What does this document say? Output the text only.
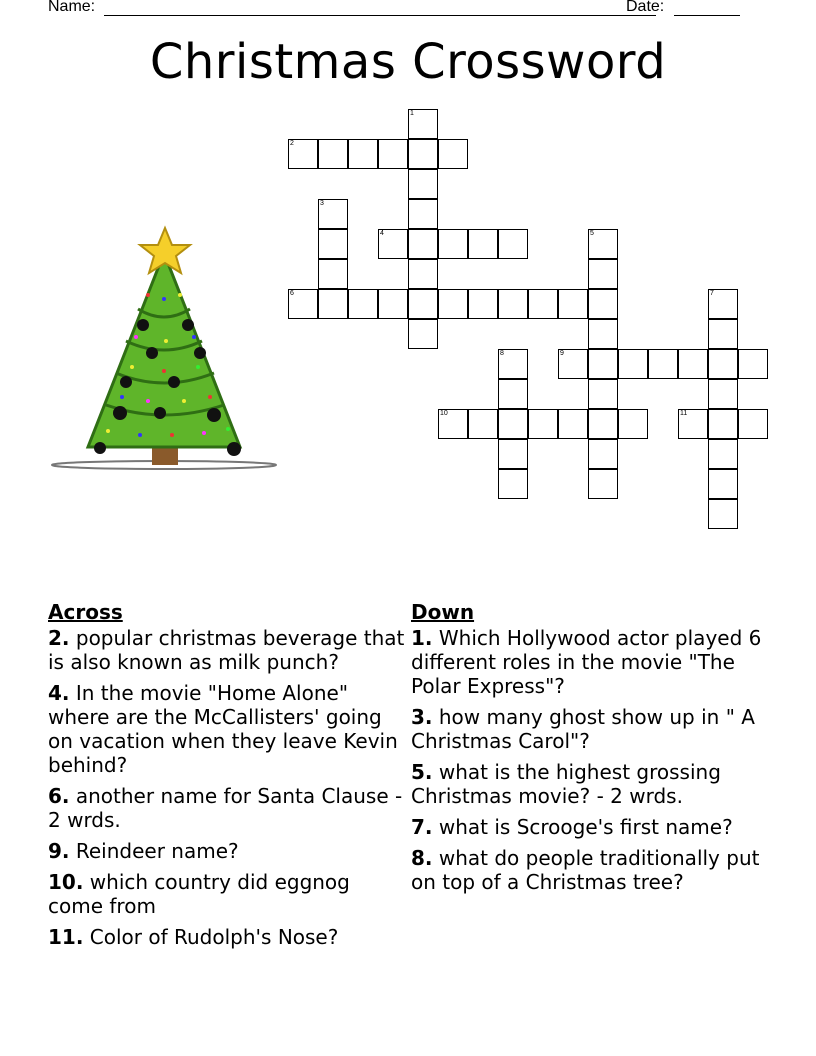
Name:	Date:
Christmas Crossword
1
2
3
4	5
6	7
8	9
10	11
Across
2. popular christmas beverage that is also known as milk punch?
4. In the movie "Home Alone" where are the McCallisters' going on vacation when they leave Kevin behind?
6. another name for Santa Clause - 2 wrds.
9. Reindeer name?
10. which country did eggnog come from
11. Color of Rudolph's Nose?
Down
1. Which Hollywood actor played 6 different roles in the movie "The Polar Express"?
3. how many ghost show up in " A Christmas Carol"?
5. what is the highest grossing Christmas movie? - 2 wrds.
7. what is Scrooge's first name?
8. what do people traditionally put on top of a Christmas tree?
